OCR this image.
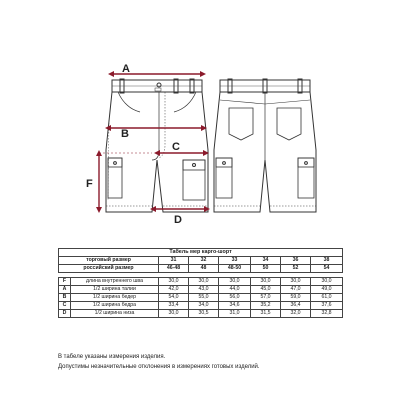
A
B
C
D
F
Табель мер карго-шорт							
торговый размер		31	32	33	34	36	38
российский размер		46-48	48	48-50	50	52	54

F	длина внутреннего шва	30,0	30,0	30,0	30,0	30,0	30,0
A	1/2 ширина талии	42,0	43,0	44,0	45,0	47,0	49,0
B	1/2 ширина бедер	54,0	55,0	56,0	57,0	59,0	61,0
C	1/2 ширина бедра	33,4	34,0	34,6	35,2	36,4	37,6
D	1/2 ширина низа	30,0	30,5	31,0	31,5	32,0	32,8
В табеле указаны измерения изделия.
Допустимы незначительные отклонения в измерениях готовых изделий.
